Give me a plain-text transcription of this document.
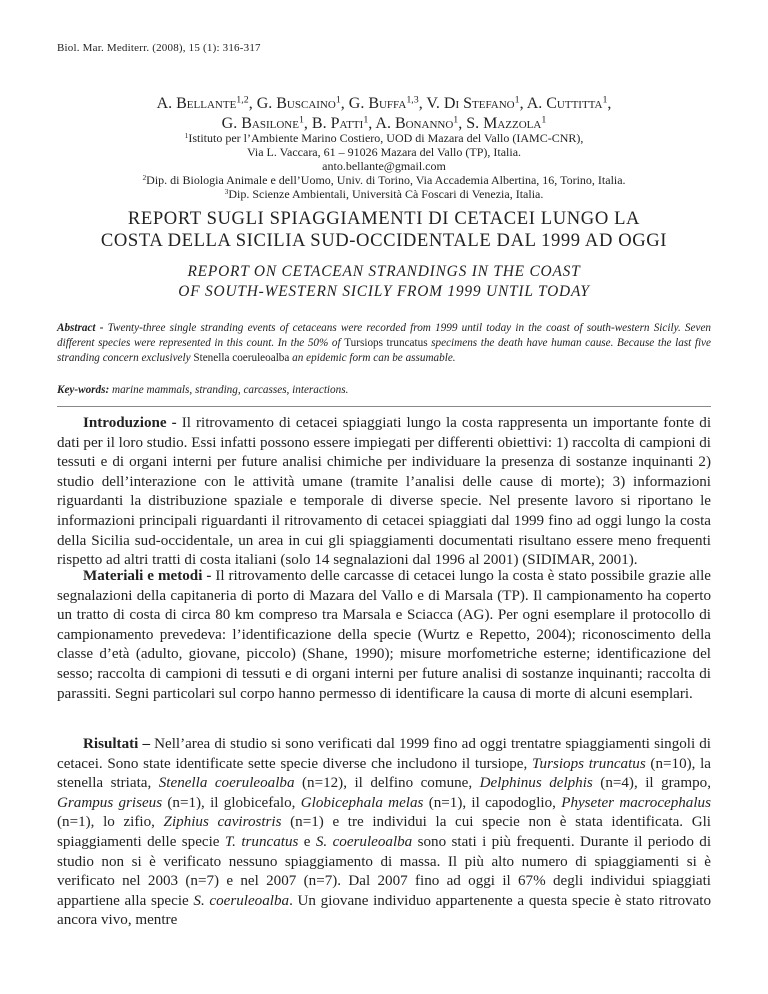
Biol. Mar. Mediterr. (2008), 15 (1): 316-317
A. Bellante$^{1,2}$, G. Buscaino$^1$, G. Buffa$^{1,3}$, V. Di Stefano$^1$, A. Cuttitta$^1$,
G. Basilone$^1$, B. Patti$^1$, A. Bonanno$^1$, S. Mazzola$^1$
$^1$Istituto per l’Ambiente Marino Costiero, UOD di Mazara del Vallo (IAMC-CNR),
Via L. Vaccara, 61 – 91026 Mazara del Vallo (TP), Italia.
anto.bellante@gmail.com
$^2$Dip. di Biologia Animale e dell’Uomo, Univ. di Torino, Via Accademia Albertina, 16, Torino, Italia.
$^3$Dip. Scienze Ambientali, Università Cà Foscari di Venezia, Italia.
REPORT SUGLI SPIAGGIAMENTI DI CETACEI LUNGO LA
COSTA DELLA SICILIA SUD-OCCIDENTALE DAL 1999 AD OGGI
REPORT ON CETACEAN STRANDINGS IN THE COAST
OF SOUTH-WESTERN SICILY FROM 1999 UNTIL TODAY
Abstract - Twenty-three single stranding events of cetaceans were recorded from 1999 until today in the coast of south-western Sicily. Seven different species were represented in this count. In the 50% of Tursiops truncatus specimens the death have human cause. Because the last five stranding concern exclusively Stenella coeruleoalba an epidemic form can be assumable.
Key-words: marine mammals, stranding, carcasses, interactions.
Introduzione - Il ritrovamento di cetacei spiaggiati lungo la costa rappresenta un importante fonte di dati per il loro studio. Essi infatti possono essere impiegati per differenti obiettivi: 1) raccolta di campioni di tessuti e di organi interni per future analisi chimiche per individuare la presenza di sostanze inquinanti 2) studio dell’interazione con le attività umane (tramite l’analisi delle cause di morte); 3) informazioni riguardanti la distribuzione spaziale e temporale di diverse specie. Nel presente lavoro si riportano le informazioni principali riguardanti il ritrovamento di cetacei spiaggiati dal 1999 fino ad oggi lungo la costa della Sicilia sud-occidentale, un area in cui gli spiaggiamenti documentati risultano essere meno frequenti rispetto ad altri tratti di costa italiani (solo 14 segnalazioni dal 1996 al 2001) (SIDIMAR, 2001).
Materiali e metodi - Il ritrovamento delle carcasse di cetacei lungo la costa è stato possibile grazie alle segnalazioni della capitaneria di porto di Mazara del Vallo e di Marsala (TP). Il campionamento ha coperto un tratto di costa di circa 80 km compreso tra Marsala e Sciacca (AG). Per ogni esemplare il protocollo di campionamento prevedeva: l’identificazione della specie (Wurtz e Repetto, 2004); riconoscimento della classe d’età (adulto, giovane, piccolo) (Shane, 1990); misure morfometriche esterne; identificazione del sesso; raccolta di campioni di tessuti e di organi interni per future analisi di sostanze inquinanti; raccolta di parassiti. Segni particolari sul corpo hanno permesso di identificare la causa di morte di alcuni esemplari.
Risultati – Nell’area di studio si sono verificati dal 1999 fino ad oggi trentatre spiaggiamenti singoli di cetacei. Sono state identificate sette specie diverse che includono il tursiope, Tursiops truncatus (n=10), la stenella striata, Stenella coeruleoalba (n=12), il delfino comune, Delphinus delphis (n=4), il grampo, Grampus griseus (n=1), il globicefalo, Globicephala melas (n=1), il capodoglio, Physeter macrocephalus (n=1), lo zifio, Ziphius cavirostris (n=1) e tre individui la cui specie non è stata identificata. Gli spiaggiamenti delle specie T. truncatus e S. coeruleoalba sono stati i più frequenti. Durante il periodo di studio non si è verificato nessuno spiaggiamento di massa. Il più alto numero di spiaggiamenti si è verificato nel 2003 (n=7) e nel 2007 (n=7). Dal 2007 fino ad oggi il 67% degli individui spiaggiati appartiene alla specie S. coeruleoalba. Un giovane individuo appartenente a questa specie è stato ritrovato ancora vivo, mentre
